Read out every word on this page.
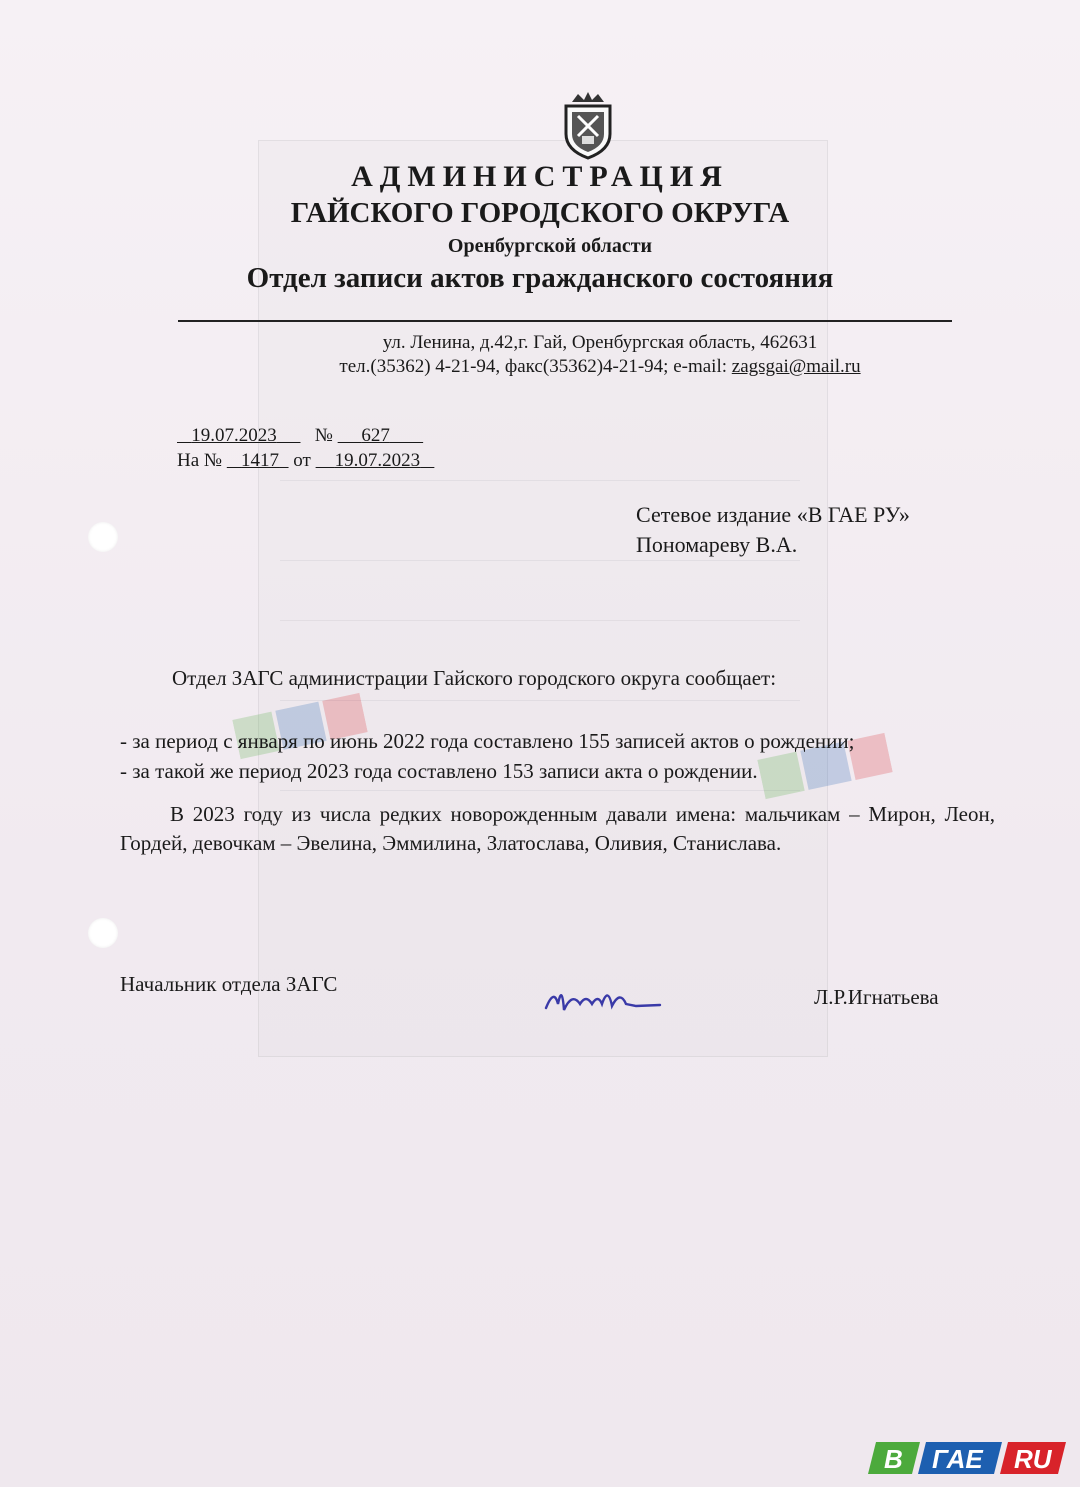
АДМИНИСТРАЦИЯ
ГАЙСКОГО ГОРОДСКОГО ОКРУГА
Оренбургской области
Отдел записи актов гражданского состояния
ул. Ленина, д.42,г. Гай, Оренбургская область, 462631
тел.(35362) 4-21-94, факс(35362)4-21-94; e-mail: zagsgai@mail.ru
19.07.2023 № 627
На № 1417 от 19.07.2023
Сетевое издание «В ГАЕ РУ»
Пономареву В.А.
Отдел ЗАГС администрации Гайского городского округа сообщает:
- за период с января по июнь 2022 года составлено 155 записей актов о рождении;
- за такой же период 2023 года составлено 153 записи акта о рождении.
В 2023 году из числа редких новорожденным давали имена: мальчикам – Мирон, Леон, Гордей, девочкам – Эвелина, Эммилина, Златослава, Оливия, Станислава.
Начальник отдела ЗАГС
Л.Р.Игнатьева
В ГАЕ RU
